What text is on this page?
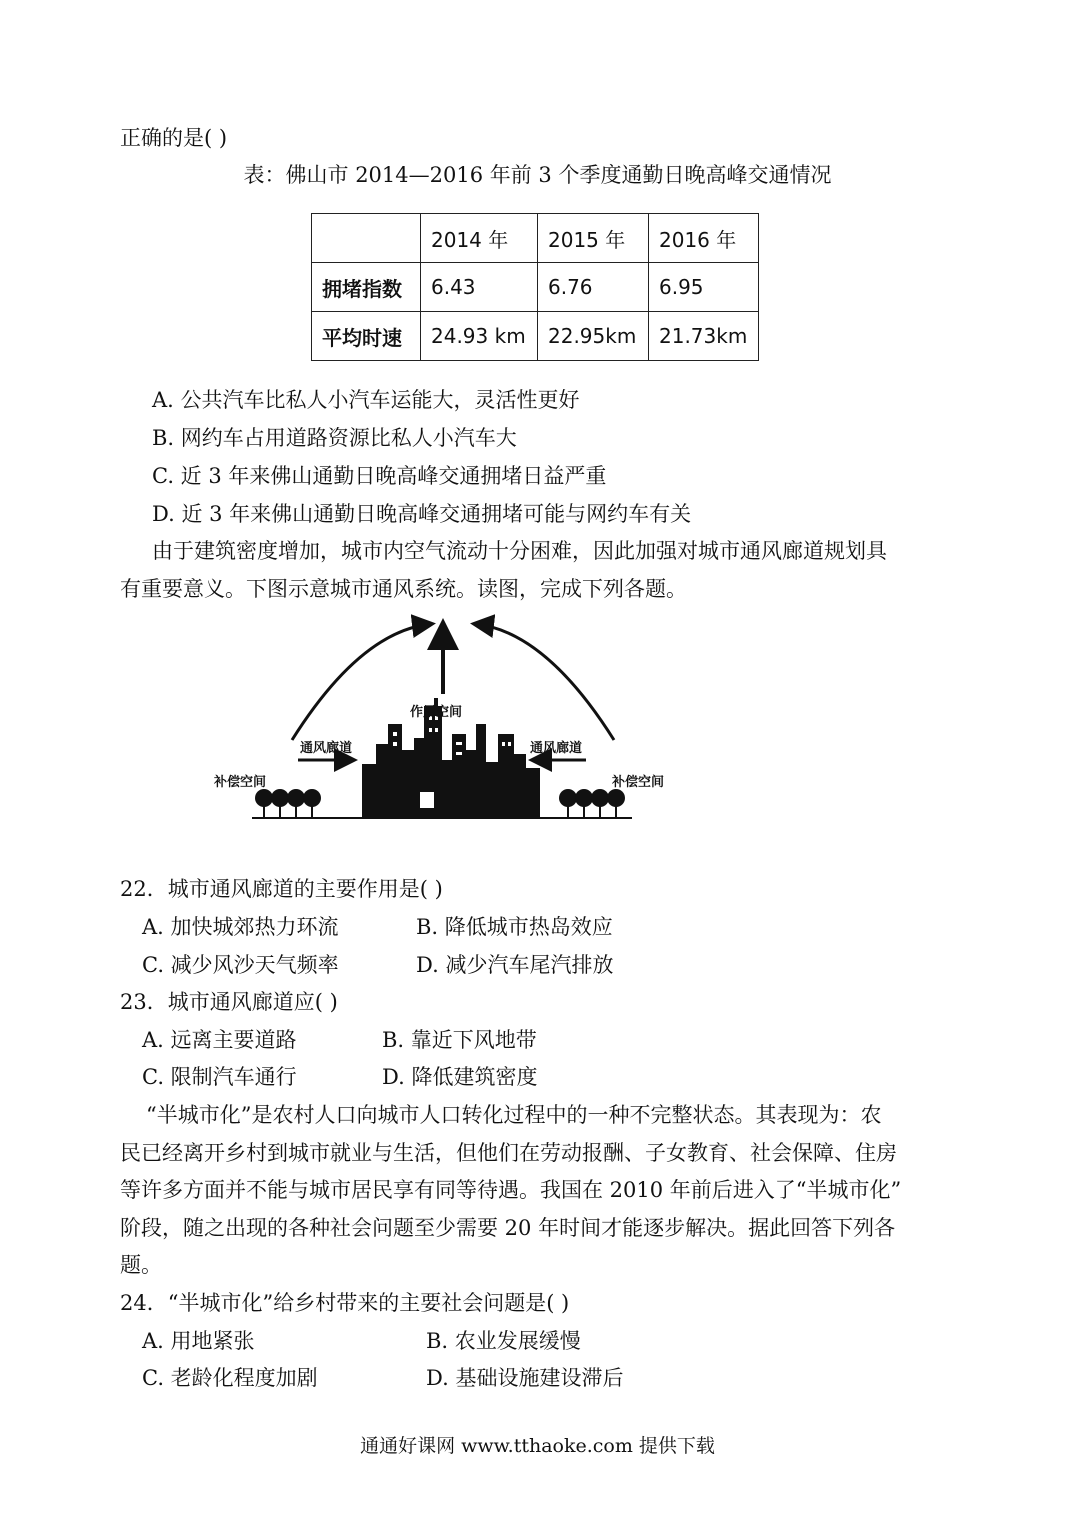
正确的是( )
表：佛山市 2014—2016 年前 3 个季度通勤日晚高峰交通情况
	2014 年	2015 年	2016 年
拥堵指数	6.43	6.76	6.95
平均时速	24.93 km	22.95km	21.73km
A. 公共汽车比私人小汽车运能大，灵活性更好
B. 网约车占用道路资源比私人小汽车大
C. 近 3 年来佛山通勤日晚高峰交通拥堵日益严重
D. 近 3 年来佛山通勤日晚高峰交通拥堵可能与网约车有关
由于建筑密度增加，城市内空气流动十分困难，因此加强对城市通风廊道规划具
有重要意义。下图示意城市通风系统。读图，完成下列各题。
作用空间
通风廊道	通风廊道
补偿空间	补偿空间
22．城市通风廊道的主要作用是( )
A. 加快城郊热力环流	B. 降低城市热岛效应
C. 减少风沙天气频率	D. 减少汽车尾汽排放
23．城市通风廊道应( )
A. 远离主要道路	B. 靠近下风地带
C. 限制汽车通行	D. 降低建筑密度
“半城市化”是农村人口向城市人口转化过程中的一种不完整状态。其表现为：农
民已经离开乡村到城市就业与生活，但他们在劳动报酬、子女教育、社会保障、住房
等许多方面并不能与城市居民享有同等待遇。我国在 2010 年前后进入了“半城市化”
阶段，随之出现的各种社会问题至少需要 20 年时间才能逐步解决。据此回答下列各
题。
24．“半城市化”给乡村带来的主要社会问题是( )
A. 用地紧张	B. 农业发展缓慢
C. 老龄化程度加剧	D. 基础设施建设滞后
通通好课网 www.tthaoke.com 提供下载
